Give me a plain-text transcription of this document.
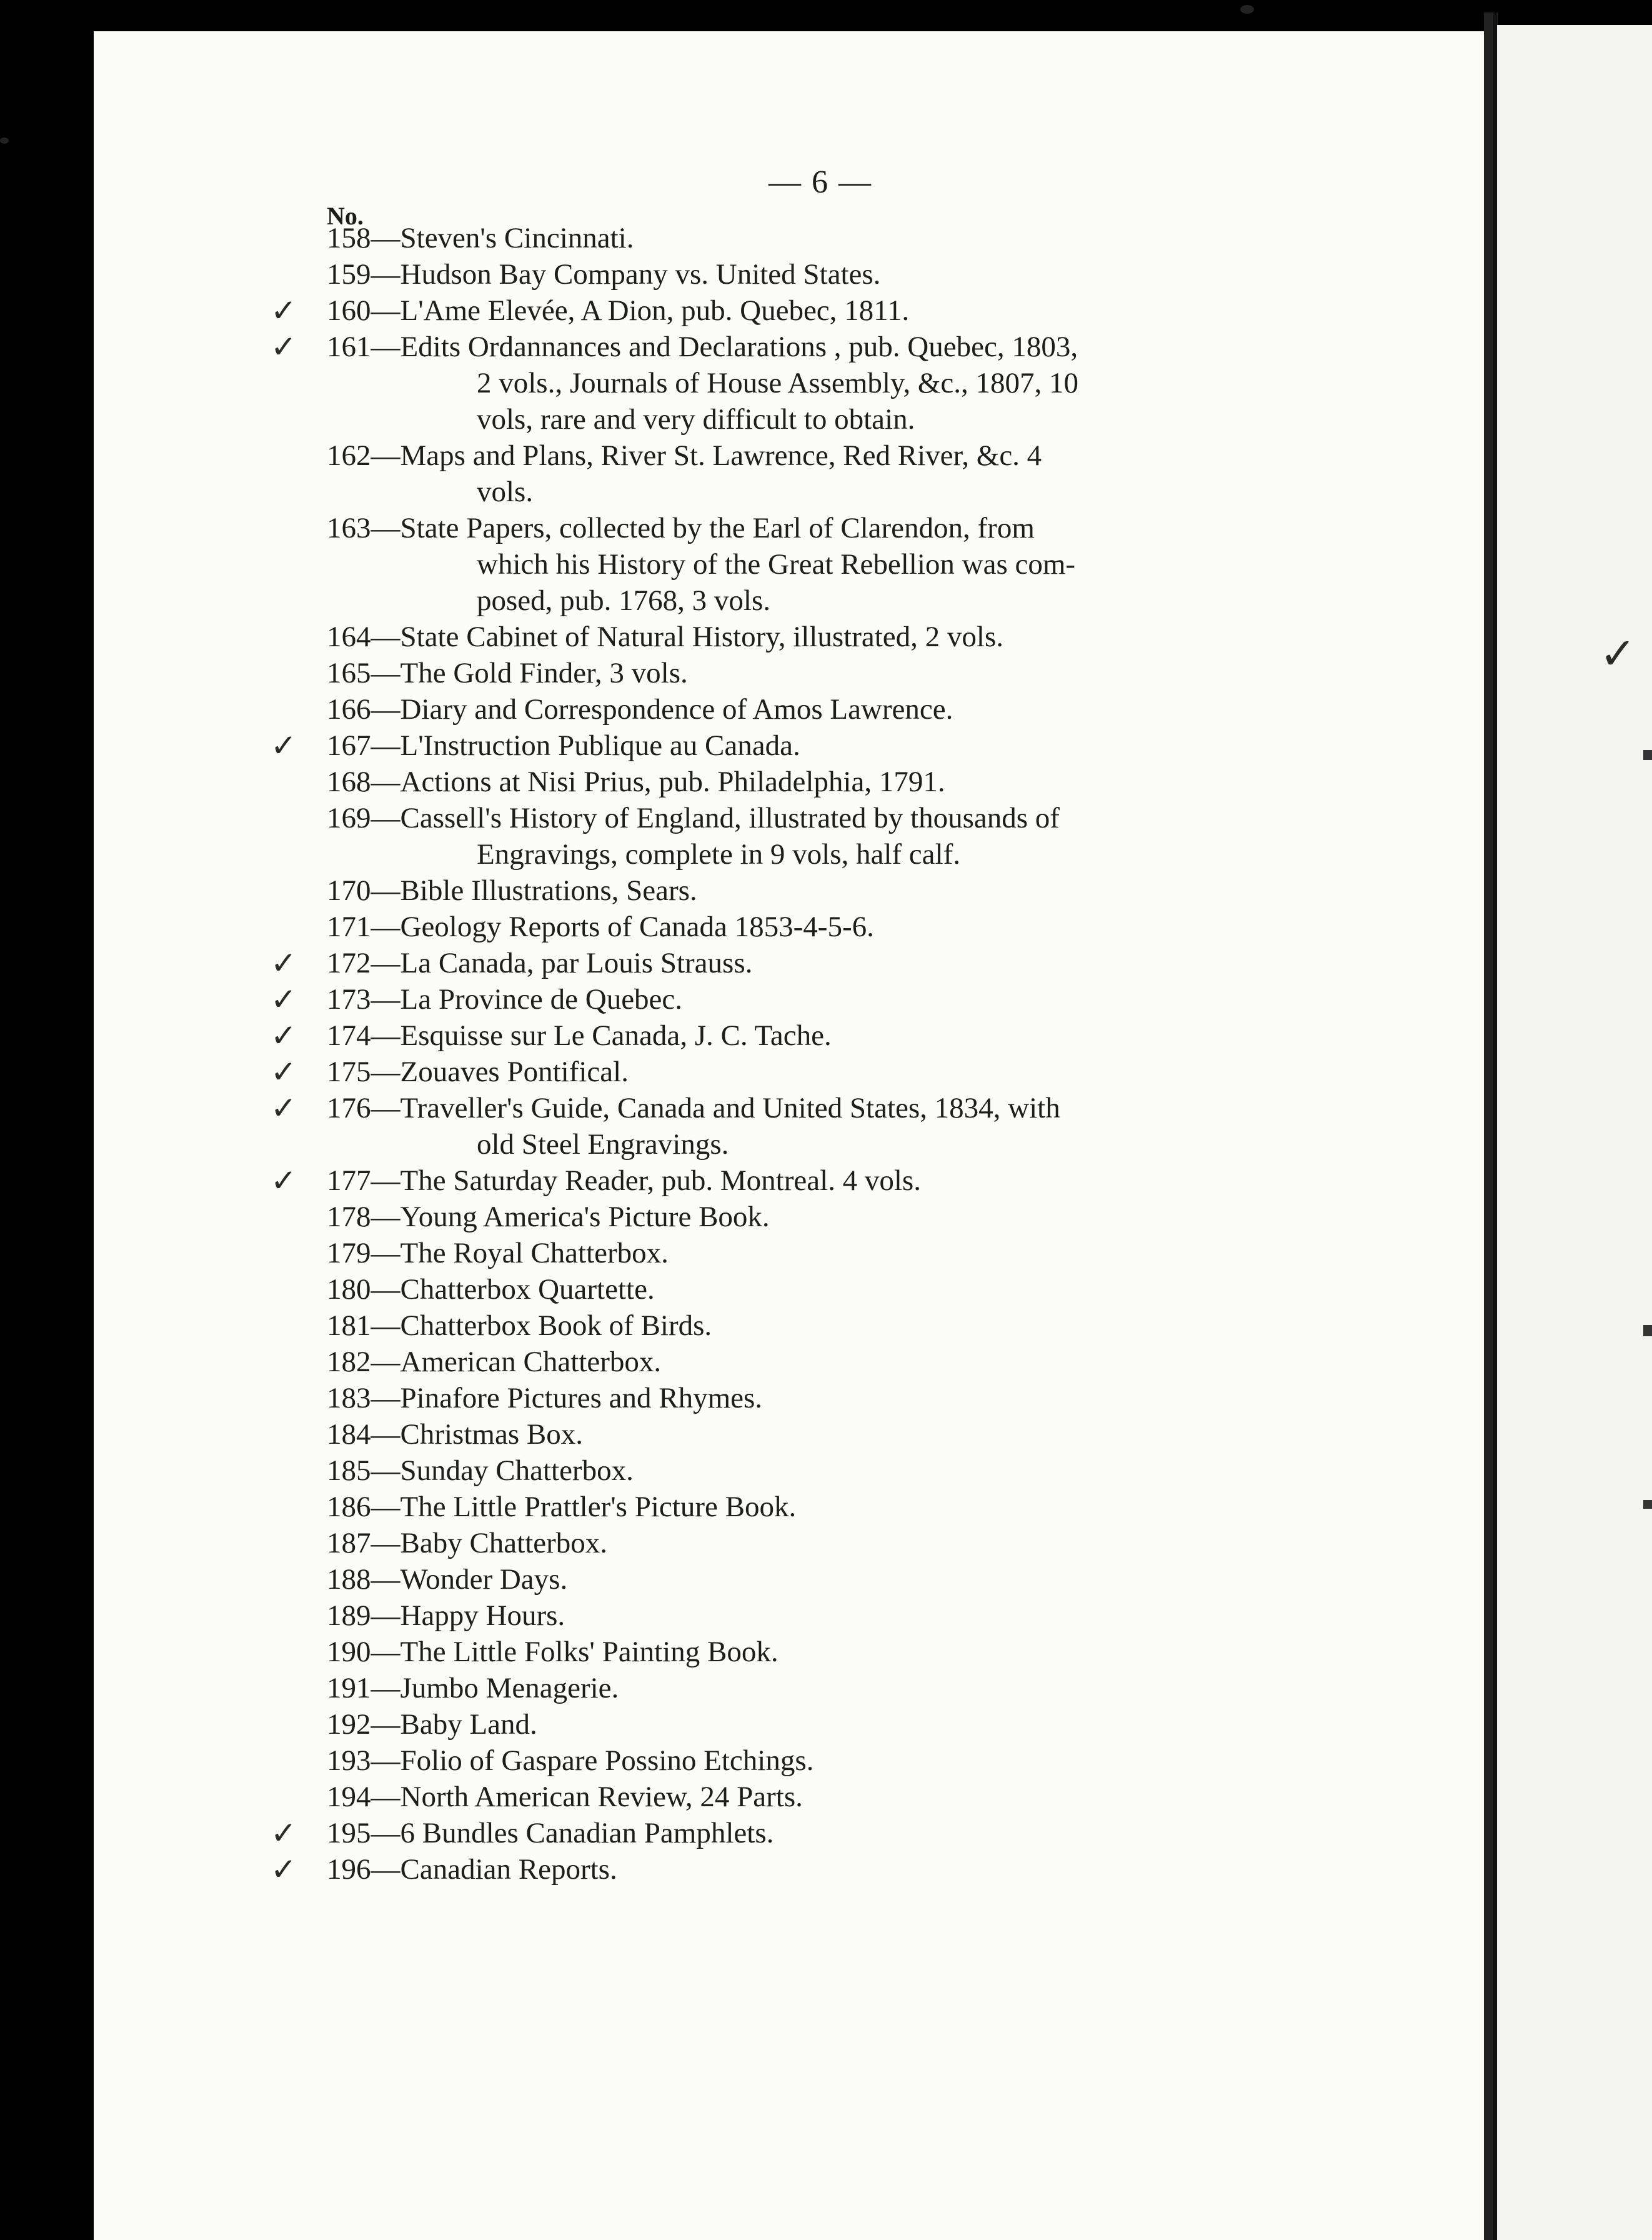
— 6 —
No.
158—Steven's Cincinnati.
159—Hudson Bay Company vs. United States.
✓ 160—L'Ame Elevée, A Dion, pub. Quebec, 1811.
✓ 161—Edits Ordannances and Declarations , pub. Quebec, 1803,
2 vols., Journals of House Assembly, &c., 1807, 10
vols, rare and very difficult to obtain.
162—Maps and Plans, River St. Lawrence, Red River, &c. 4
vols.
163—State Papers, collected by the Earl of Clarendon, from
which his History of the Great Rebellion was com-
posed, pub. 1768, 3 vols.
164—State Cabinet of Natural History, illustrated, 2 vols.
165—The Gold Finder, 3 vols.
166—Diary and Correspondence of Amos Lawrence.
✓ 167—L'Instruction Publique au Canada.
168—Actions at Nisi Prius, pub. Philadelphia, 1791.
169—Cassell's History of England, illustrated by thousands of
Engravings, complete in 9 vols, half calf.
170—Bible Illustrations, Sears.
171—Geology Reports of Canada 1853-4-5-6.
✓ 172—La Canada, par Louis Strauss.
✓ 173—La Province de Quebec.
✓ 174—Esquisse sur Le Canada, J. C. Tache.
✓ 175—Zouaves Pontifical.
✓ 176—Traveller's Guide, Canada and United States, 1834, with
old Steel Engravings.
✓ 177—The Saturday Reader, pub. Montreal. 4 vols.
178—Young America's Picture Book.
179—The Royal Chatterbox.
180—Chatterbox Quartette.
181—Chatterbox Book of Birds.
182—American Chatterbox.
183—Pinafore Pictures and Rhymes.
184—Christmas Box.
185—Sunday Chatterbox.
186—The Little Prattler's Picture Book.
187—Baby Chatterbox.
188—Wonder Days.
189—Happy Hours.
190—The Little Folks' Painting Book.
191—Jumbo Menagerie.
192—Baby Land.
193—Folio of Gaspare Possino Etchings.
194—North American Review, 24 Parts.
✓ 195—6 Bundles Canadian Pamphlets.
✓ 196—Canadian Reports.
✓
